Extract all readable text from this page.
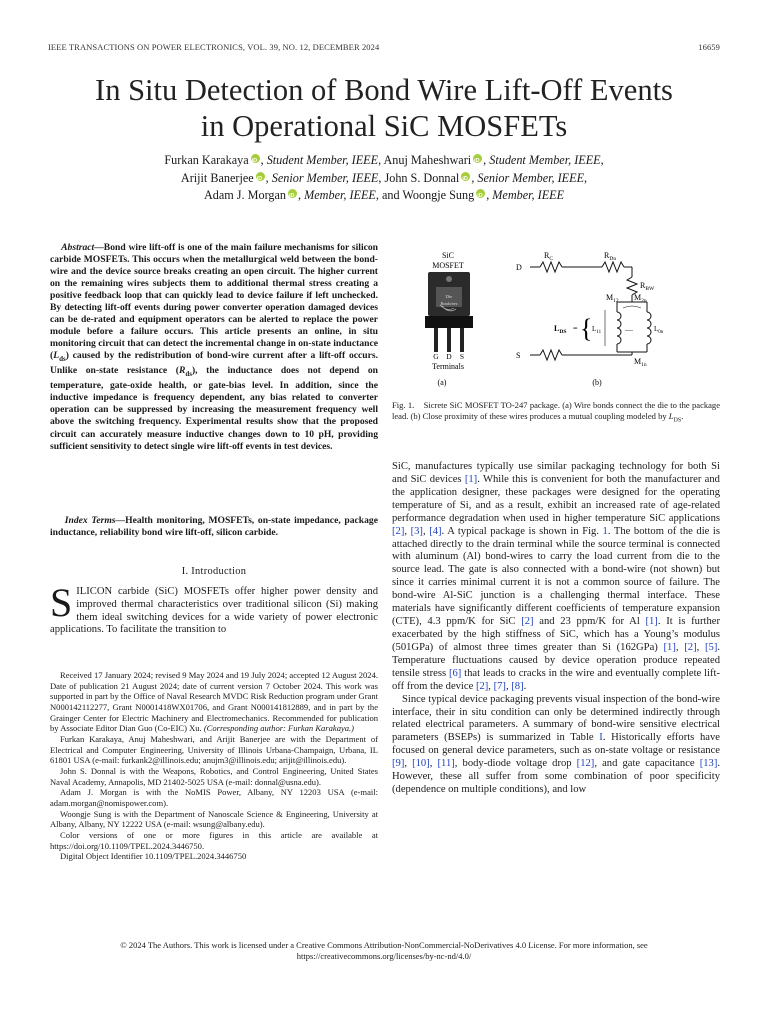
IEEE TRANSACTIONS ON POWER ELECTRONICS, VOL. 39, NO. 12, DECEMBER 2024	16659
In Situ Detection of Bond Wire Lift-Off Events
in Operational SiC MOSFETs
Furkan Karakaya iD , Student Member, IEEE, Anuj Maheshwari iD , Student Member, IEEE,
Arijit Banerjee iD , Senior Member, IEEE, John S. Donnal iD , Senior Member, IEEE,
Adam J. Morgan iD , Member, IEEE, and Woongje Sung iD , Member, IEEE
Abstract—Bond wire lift-off is one of the main failure mechanisms for silicon carbide MOSFETs. This occurs when the metallurgical weld between the bond-wire and the device source breaks creating an open circuit. The higher current on the remaining wires subjects them to additional thermal stress creating a positive feedback loop that can quickly lead to device failure if left unchecked. By detecting lift-off events during power converter operation damaged devices can be de-rated and equipment operators can be alerted to replace the power module before a failure occurs. This article presents an online, in situ monitoring circuit that can detect the incremental change in on-state inductance $(L_{ds})$ caused by the redistribution of bond-wire current after a lift-off occurs. Unlike on-state resistance $(R_{ds})$, the inductance does not depend on temperature, gate-oxide health, or gate-bias level. In addition, since the inductive impedance is frequency dependent, any bias related to converter operation can be suppressed by increasing the measurement frequency well above the switching frequency. Experimental results show that the proposed circuit can accurately measure inductive changes down to 10 pH, providing sufficient sensitivity to detect single wire lift-off events in test devices.
Index Terms—Health monitoring, MOSFETs, on-state impedance, package inductance, reliability bond wire lift-off, silicon carbide.
I. Introduction
SILICON carbide (SiC) MOSFETs offer higher power density and improved thermal characteristics over traditional silicon (Si) making them ideal switching devices for a wide variety of power electronic applications. To facilitate the transition to

Received 17 January 2024; revised 9 May 2024 and 19 July 2024; accepted 12 August 2024. Date of publication 21 August 2024; date of current version 7 October 2024. This work was supported in part by the Office of Naval Research MVDC Risk Reduction program under Grant N000142112277, Grant N0001418WX01706, and Grant N000141812889, and in part by the Grainger Center for Electric Machinery and Electromechanics. Recommended for publication by Associate Editor Dian Guo (Co-EIC) Xu. (Corresponding author: Furkan Karakaya.)

Furkan Karakaya, Anuj Maheshwari, and Arijit Banerjee are with the Department of Electrical and Computer Engineering, University of Illinois Urbana-Champaign, Urbana, IL 61801 USA (e-mail: furkank2@illinois.edu; anujm3@illinois.edu; arijit@illinois.edu).

John S. Donnal is with the Weapons, Robotics, and Control Engineering, United States Naval Academy, Annapolis, MD 21402-5025 USA (e-mail: donnal@usna.edu).

Adam J. Morgan is with the NoMIS Power, Albany, NY 12203 USA (e-mail: adam.morgan@nomispower.com).

Woongje Sung is with the Department of Nanoscale Science & Engineering, University at Albany, Albany, NY 12222 USA (e-mail: wsung@albany.edu).

Color versions of one or more figures in this article are available at https://doi.org/10.1109/TPEL.2024.3446750.

Digital Object Identifier 10.1109/TPEL.2024.3446750

SiC
MOSFET
Die
Bondwires
G D S
Terminals
(a)
D
S
$R_C$	$R_{Dn}$
$R_{BW}$
$M_{12}$ $M_{2n}$
$M_{1n}$
$L_{DS}$ = { $L_{11}$	$L_{0n}$
....
(b)
Fig. 1. Sicrete SiC MOSFET TO-247 package. (a) Wire bonds connect the die to the package lead. (b) Close proximity of these wires produces a mutual coupling modeled by $L_{DS}$.

SiC, manufactures typically use similar packaging technology for both Si and SiC devices [1]. While this is convenient for both the manufacturer and the application designer, these packages were designed for the operating temperature of Si, and as a result, exhibit an increased rate of age-related performance degradation when used in higher temperature SiC applications [2], [3], [4]. A typical package is shown in Fig. 1. The bottom of the die is attached directly to the drain terminal while the source terminal is connected with aluminum (Al) bond-wires to carry the load current from die to the source lead. The gate is also connected with a bond-wire (not shown) but since it carries minimal current it is not a common source of failure. The bond-wire Al-SiC junction is a challenging thermal interface. These materials have significantly different coefficients of temperature expansion (CTE), 4.3 ppm/K for SiC [2] and 23 ppm/K for Al [1]. It is further exacerbated by the high stiffness of SiC, which has a Young’s modulus (501GPa) of almost three times greater than Si (162GPa) [1], [2], [5]. Temperature fluctuations caused by device operation produce repeated tensile stress [6] that leads to cracks in the wire and eventually complete lift-off from the device [2], [7], [8].

Since typical device packaging prevents visual inspection of the bond-wire interface, their in situ condition can only be determined indirectly through related electrical parameters. A summary of bond-wire sensitive electrical parameters (BSEPs) is summarized in Table I. Historically efforts have focused on general device parameters, such as on-state voltage or resistance [9], [10], [11], body-diode voltage drop [12], and gate capacitance [13]. However, these all suffer from some combination of poor specificity (dependence on multiple conditions), and low

© 2024 The Authors. This work is licensed under a Creative Commons Attribution-NonCommercial-NoDerivatives 4.0 License. For more information, see
https://creativecommons.org/licenses/by-nc-nd/4.0/
